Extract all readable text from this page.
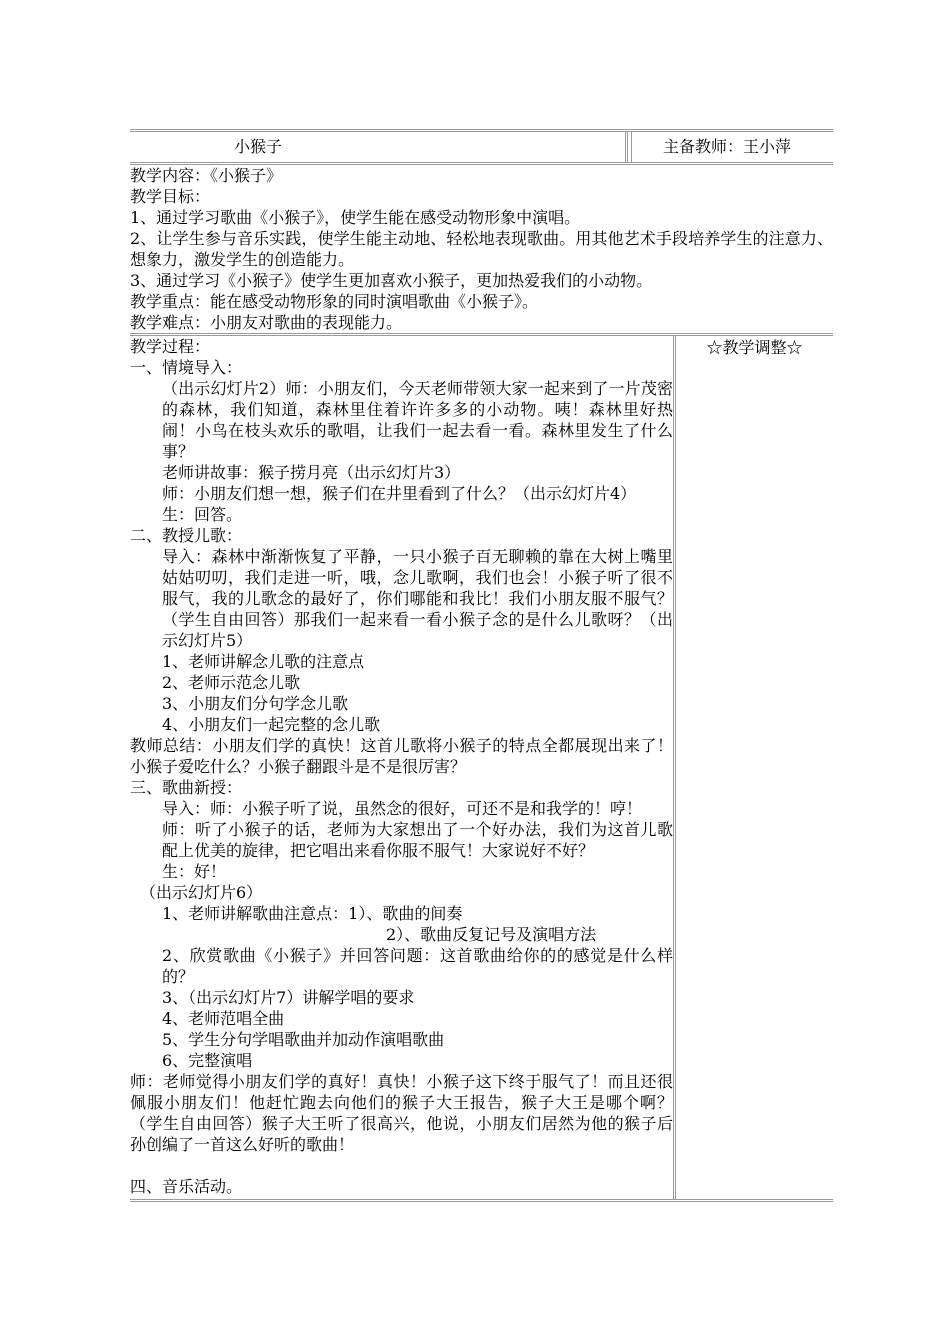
小猴子	主备教师：王小萍

教学内容：《小猴子》

教学目标：

1、通过学习歌曲《小猴子》，使学生能在感受动物形象中演唱。

2、让学生参与音乐实践，使学生能主动地、轻松地表现歌曲。用其他艺术手段培养学生的注意力、想象力，激发学生的创造能力。

3、通过学习《小猴子》使学生更加喜欢小猴子，更加热爱我们的小动物。

教学重点：能在感受动物形象的同时演唱歌曲《小猴子》。

教学难点：小朋友对歌曲的表现能力。

教学过程：

一、情境导入：

（出示幻灯片2）师：小朋友们，今天老师带领大家一起来到了一片茂密的森林，我们知道，森林里住着许许多多的小动物。咦！森林里好热闹！小鸟在枝头欢乐的歌唱，让我们一起去看一看。森林里发生了什么事？

老师讲故事：猴子捞月亮（出示幻灯片3）

师：小朋友们想一想，猴子们在井里看到了什么？（出示幻灯片4）

生：回答。

二、教授儿歌：

导入：森林中渐渐恢复了平静，一只小猴子百无聊赖的靠在大树上嘴里姑姑叨叨，我们走进一听，哦，念儿歌啊，我们也会！小猴子听了很不服气，我的儿歌念的最好了，你们哪能和我比！我们小朋友服不服气？（学生自由回答）那我们一起来看一看小猴子念的是什么儿歌呀？（出示幻灯片5）

1、老师讲解念儿歌的注意点

2、老师示范念儿歌

3、小朋友们分句学念儿歌

4、小朋友们一起完整的念儿歌

教师总结：小朋友们学的真快！这首儿歌将小猴子的特点全都展现出来了！小猴子爱吃什么？小猴子翻跟斗是不是很厉害？

三、歌曲新授：

导入：师：小猴子听了说，虽然念的很好，可还不是和我学的！哼！

师：听了小猴子的话，老师为大家想出了一个好办法，我们为这首儿歌配上优美的旋律，把它唱出来看你服不服气！大家说好不好？

生：好！

（出示幻灯片6）

1、老师讲解歌曲注意点：1）、歌曲的间奏

2）、歌曲反复记号及演唱方法

2、欣赏歌曲《小猴子》并回答问题：这首歌曲给你的的感觉是什么样的？

3、（出示幻灯片7）讲解学唱的要求

4、老师范唱全曲

5、学生分句学唱歌曲并加动作演唱歌曲

6、完整演唱

师：老师觉得小朋友们学的真好！真快！小猴子这下终于服气了！而且还很佩服小朋友们！他赶忙跑去向他们的猴子大王报告，猴子大王是哪个啊？（学生自由回答）猴子大王听了很高兴，他说，小朋友们居然为他的猴子后孙创编了一首这么好听的歌曲！

四、音乐活动。

☆教学调整☆
